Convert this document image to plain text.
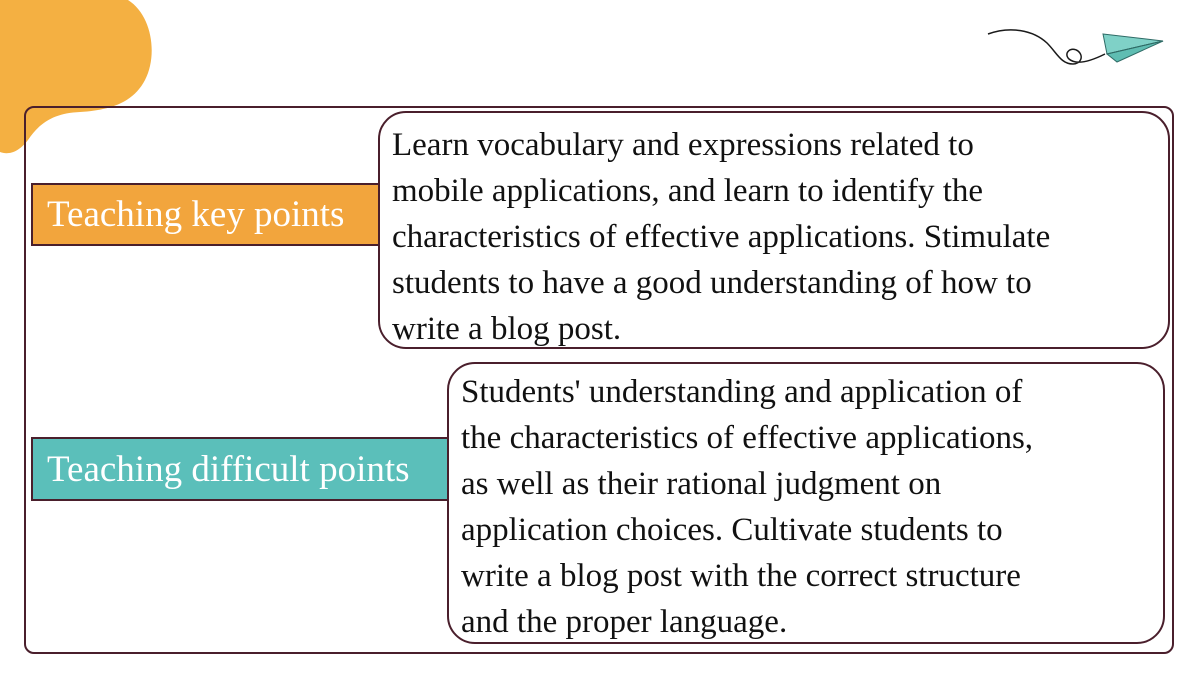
Teaching key points
Learn vocabulary and expressions related to
mobile applications, and learn to identify the
characteristics of effective applications. Stimulate
students to have a good understanding of how to
write a blog post.
Teaching difficult points
Students' understanding and application of
the characteristics of effective applications,
as well as their rational judgment on
application choices. Cultivate students to
write a blog post with the correct structure
and the proper language.
